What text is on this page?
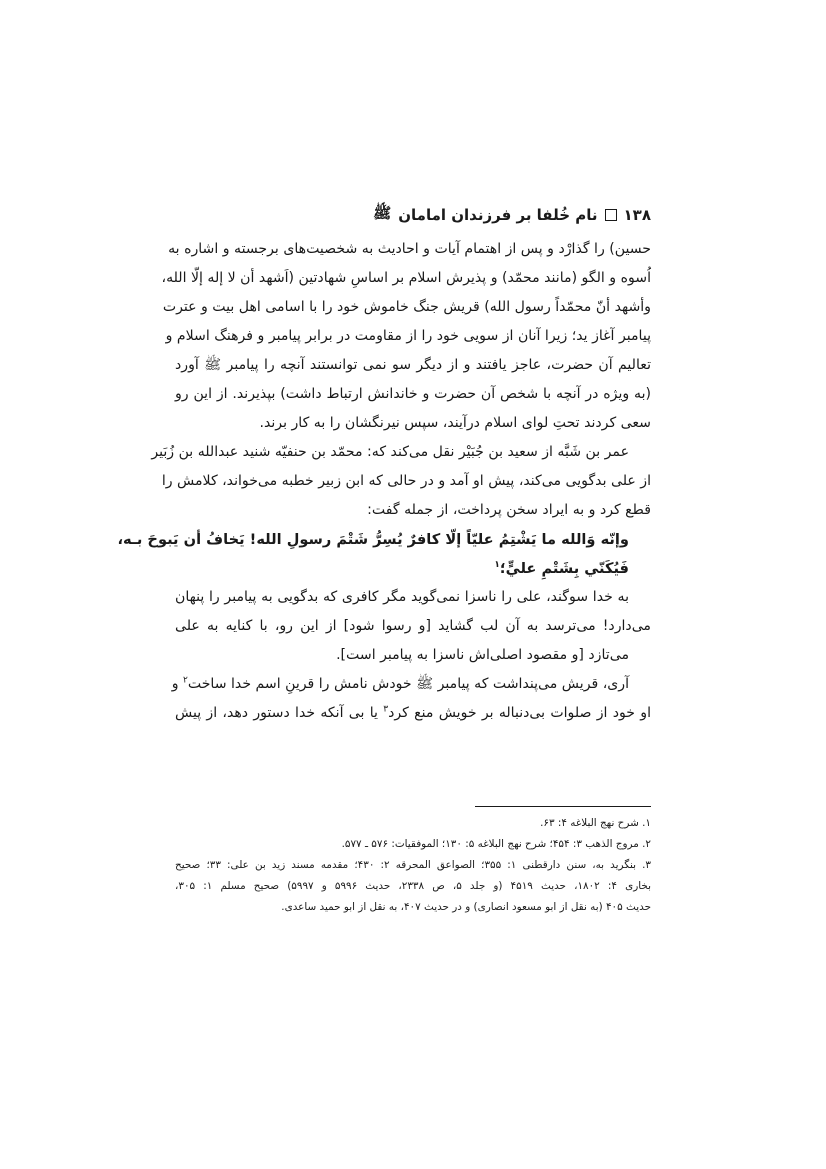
۱۳۸
نام خُلفا بر فرزندان امامان
ﷺ
حسین) را گذارْد و پس از اهتمام آیات و احادیث به شخصیت‌های برجسته و اشاره به
اُسوه و الگو (مانند محمّد) و پذیرش اسلام بر اساسِ شهادتین (اَشهد أن لا إله إلّا الله،
وأشهد أنّ محمّداً رسول الله) قریش جنگ خاموش خود را با اسامی اهل بیت و عترت
پیامبر آغاز ید؛ زیرا آنان از سویی خود را از مقاومت در برابر پیامبر و فرهنگ اسلام و
تعالیم آن حضرت، عاجز یافتند و از دیگر سو نمی توانستند آنچه را پیامبر ﷺ آورد
(به ویژه در آنچه با شخص آن حضرت و خاندانش ارتباط داشت) بپذیرند. از این رو
سعی کردند تحتِ لوای اسلام درآیند، سپس نیرنگشان را به کار برند.
عمر بن شَبَّه از سعید بن جُبَیْر نقل می‌کند که: محمّد بن حنفیّه شنید عبدالله بن زُبَیر
از علی بدگویی می‌کند، پیش او آمد و در حالی که ابن زبیر خطبه می‌خواند، کلامش را
قطع کرد و به ایراد سخن پرداخت، از جمله گفت:
وإنّه وَالله ما يَشْتِمُ عليّاً إلّا كافرٌ يُسِرُّ شَتْمَ رسولِ الله! يَخافُ أن يَبوحَ بـه،
فَيُكَنّي بِشَتْمِ عليٍّ؛$^۱$
به خدا سوگند، علی را ناسزا نمی‌گوید مگر کافری که بدگویی به پیامبر را پنهان
می‌دارد! می‌ترسد به آن لب گشاید [و رسوا شود] از این رو، با کنایه به علی
می‌تازد [و مقصود اصلی‌اش ناسزا به پیامبر است].
آری، قریش می‌پنداشت که پیامبر ﷺ خودش نامش را قرینِ اسم خدا ساخت$^۲$ و
او خود از صلوات بی‌دنباله بر خویش منع کرد$^۳$ یا بی آنکه خدا دستور دهد، از پیش
۱. شرح نهج البلاغه ۴: ۶۳.
۲. مروج الذهب ۳: ۴۵۴؛ شرح نهج البلاغه ۵: ۱۳۰؛ الموفقیات: ۵۷۶ ـ ۵۷۷.
۳. بنگرید به، سنن دارقطنی ۱: ۳۵۵؛ الصواعق المحرقه ۲: ۴۳۰؛ مقدمه مسند زید بن علی: ۳۳؛ صحیح
بخاری ۴: ۱۸۰۲، حدیث ۴۵۱۹ (و جلد ۵، ص ۲۳۳۸، حدیث ۵۹۹۶ و ۵۹۹۷) صحیح مسلم ۱: ۳۰۵،
حدیث ۴۰۵ (به نقل از ابو مسعود انصاری) و در حدیث ۴۰۷، به نقل از ابو حمید ساعدی.
